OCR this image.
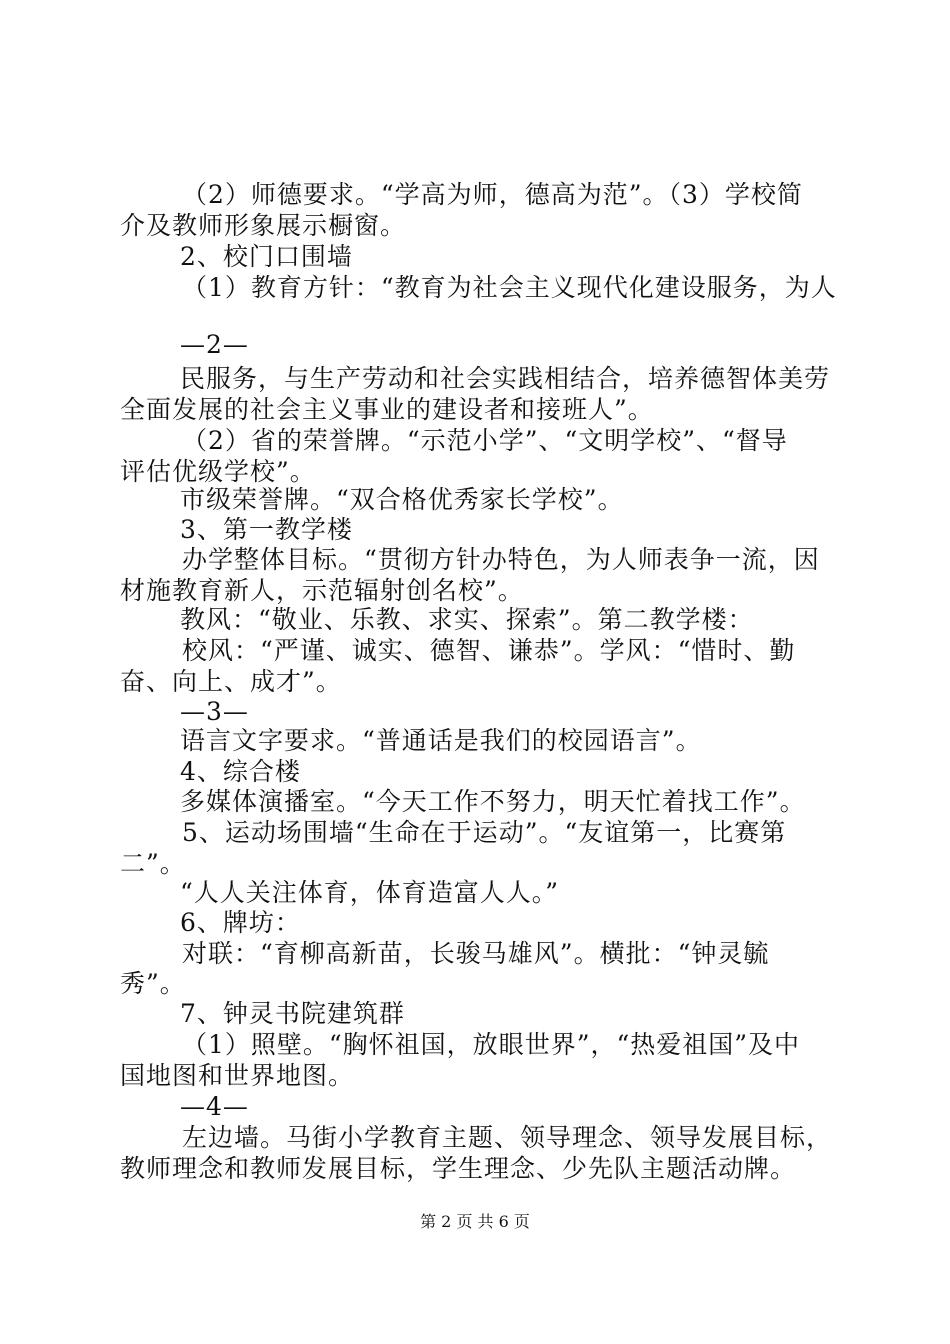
（2）师德要求。“学高为师，德高为范”。（3）学校简
介及教师形象展示橱窗。
2、校门口围墙
（1）教育方针：“教育为社会主义现代化建设服务，为人
—2—
民服务，与生产劳动和社会实践相结合，培养德智体美劳
全面发展的社会主义事业的建设者和接班人”。
（2）省的荣誉牌。“示范小学”、“文明学校”、“督导
评估优级学校”。
市级荣誉牌。“双合格优秀家长学校”。
3、第一教学楼
办学整体目标。“贯彻方针办特色，为人师表争一流，因
材施教育新人，示范辐射创名校”。
教风：“敬业、乐教、求实、探索”。第二教学楼：
校风：“严谨、诚实、德智、谦恭”。学风：“惜时、勤
奋、向上、成才”。
—3—
语言文字要求。“普通话是我们的校园语言”。
4、综合楼
多媒体演播室。“今天工作不努力，明天忙着找工作”。
5、运动场围墙“生命在于运动”。“友谊第一，比赛第
二”。
“人人关注体育，体育造富人人。”
6、牌坊：
对联：“育柳高新苗，长骏马雄风”。横批：“钟灵毓
秀”。
7、钟灵书院建筑群
（1）照壁。“胸怀祖国，放眼世界”，“热爱祖国”及中
国地图和世界地图。
—4—
左边墙。马街小学教育主题、领导理念、领导发展目标，
教师理念和教师发展目标，学生理念、少先队主题活动牌。
第 2 页 共 6 页
